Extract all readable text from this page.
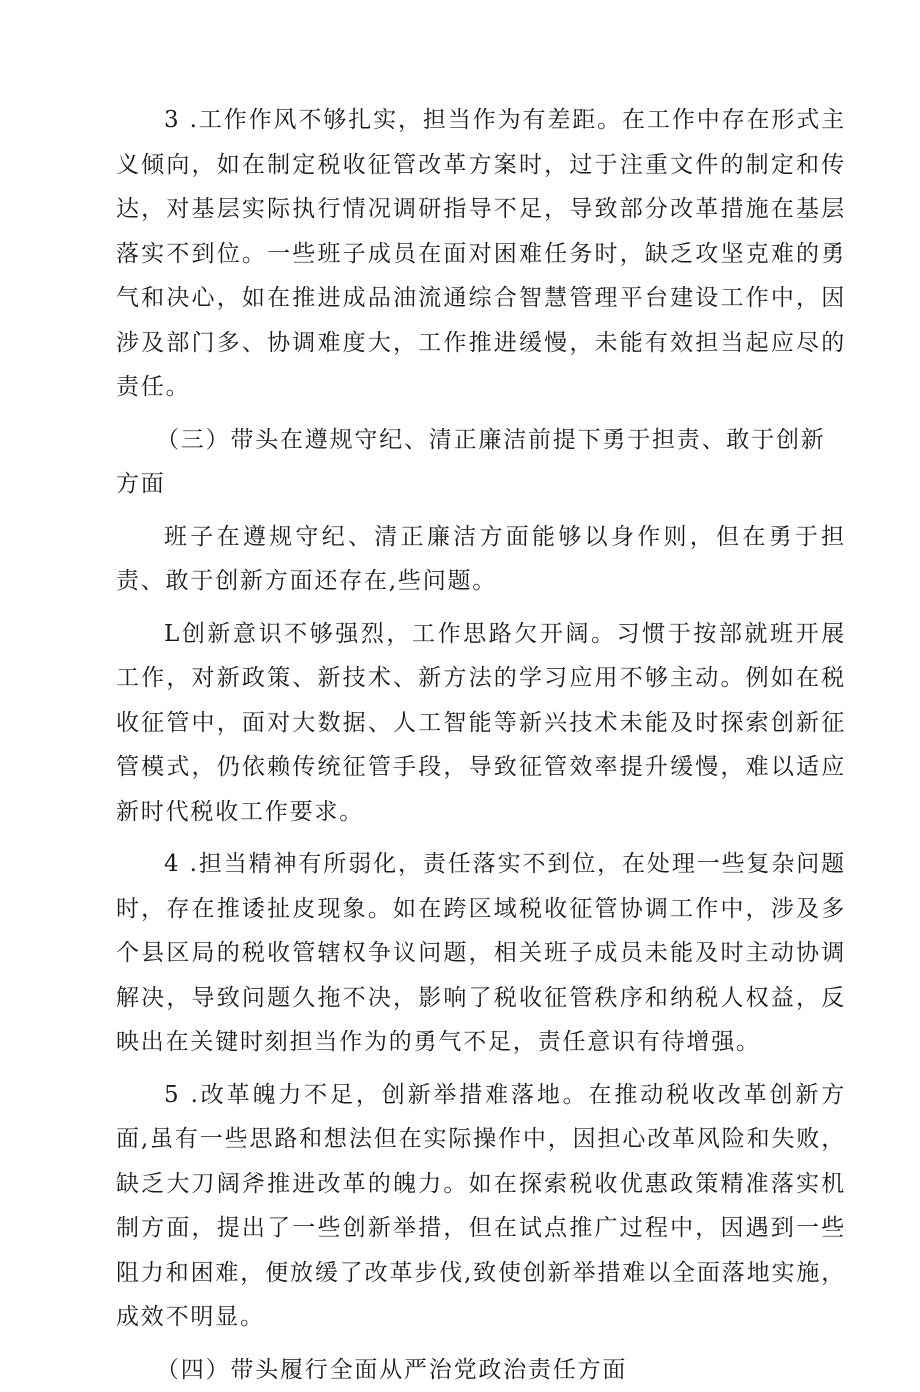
3 .工作作风不够扎实，担当作为有差距。在工作中存在形式主义倾向，如在制定税收征管改革方案时，过于注重文件的制定和传达，对基层实际执行情况调研指导不足，导致部分改革措施在基层落实不到位。一些班子成员在面对困难任务时，缺乏攻坚克难的勇气和决心，如在推进成品油流通综合智慧管理平台建设工作中，因涉及部门多、协调难度大，工作推进缓慢，未能有效担当起应尽的责任。

（三）带头在遵规守纪、清正廉洁前提下勇于担责、敢于创新方面

班子在遵规守纪、清正廉洁方面能够以身作则，但在勇于担责、敢于创新方面还存在,些问题。

L创新意识不够强烈，工作思路欠开阔。习惯于按部就班开展工作，对新政策、新技术、新方法的学习应用不够主动。例如在税收征管中，面对大数据、人工智能等新兴技术未能及时探索创新征管模式，仍依赖传统征管手段，导致征管效率提升缓慢，难以适应新时代税收工作要求。

4 .担当精神有所弱化，责任落实不到位，在处理一些复杂问题时，存在推诿扯皮现象。如在跨区域税收征管协调工作中，涉及多个县区局的税收管辖权争议问题，相关班子成员未能及时主动协调解决，导致问题久拖不决，影响了税收征管秩序和纳税人权益，反映出在关键时刻担当作为的勇气不足，责任意识有待增强。

5 .改革魄力不足，创新举措难落地。在推动税收改革创新方面,虽有一些思路和想法但在实际操作中，因担心改革风险和失败，缺乏大刀阔斧推进改革的魄力。如在探索税收优惠政策精准落实机制方面，提出了一些创新举措，但在试点推广过程中，因遇到一些阻力和困难，便放缓了改革步伐,致使创新举措难以全面落地实施，成效不明显。

（四）带头履行全面从严治党政治责任方面
